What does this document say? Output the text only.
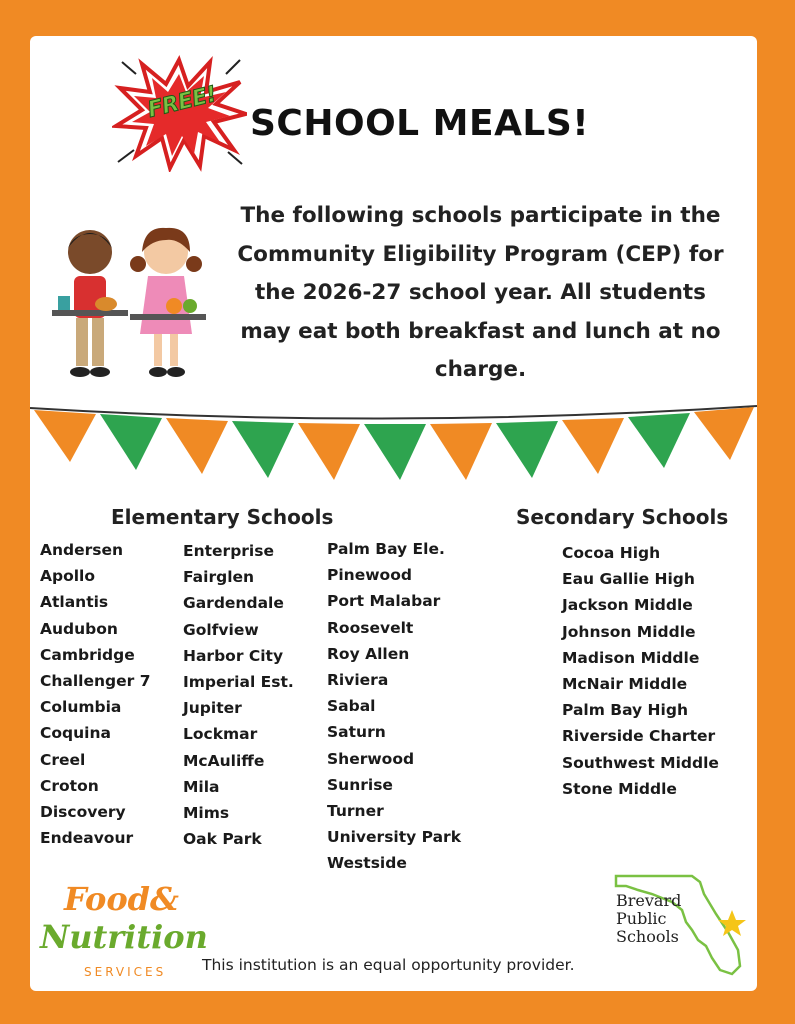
FREE!
SCHOOL MEALS!
The following schools participate in the Community Eligibility Program (CEP) for the 2026-27 school year. All students may eat both breakfast and lunch at no charge.
Elementary Schools	Secondary Schools
Andersen
Apollo
Atlantis
Audubon
Cambridge
Challenger 7
Columbia
Coquina
Creel
Croton
Discovery
Endeavour
Enterprise
Fairglen
Gardendale
Golfview
Harbor City
Imperial Est.
Jupiter
Lockmar
McAuliffe
Mila
Mims
Oak Park
Palm Bay Ele.
Pinewood
Port Malabar
Roosevelt
Roy Allen
Riviera
Sabal
Saturn
Sherwood
Sunrise
Turner
University Park
Westside
Cocoa High
Eau Gallie High
Jackson Middle
Johnson Middle
Madison Middle
McNair Middle
Palm Bay High
Riverside Charter
Southwest Middle
Stone Middle
Food&
Nutrition
SERVICES This institution is an equal opportunity provider.
Brevard
Public
Schools
